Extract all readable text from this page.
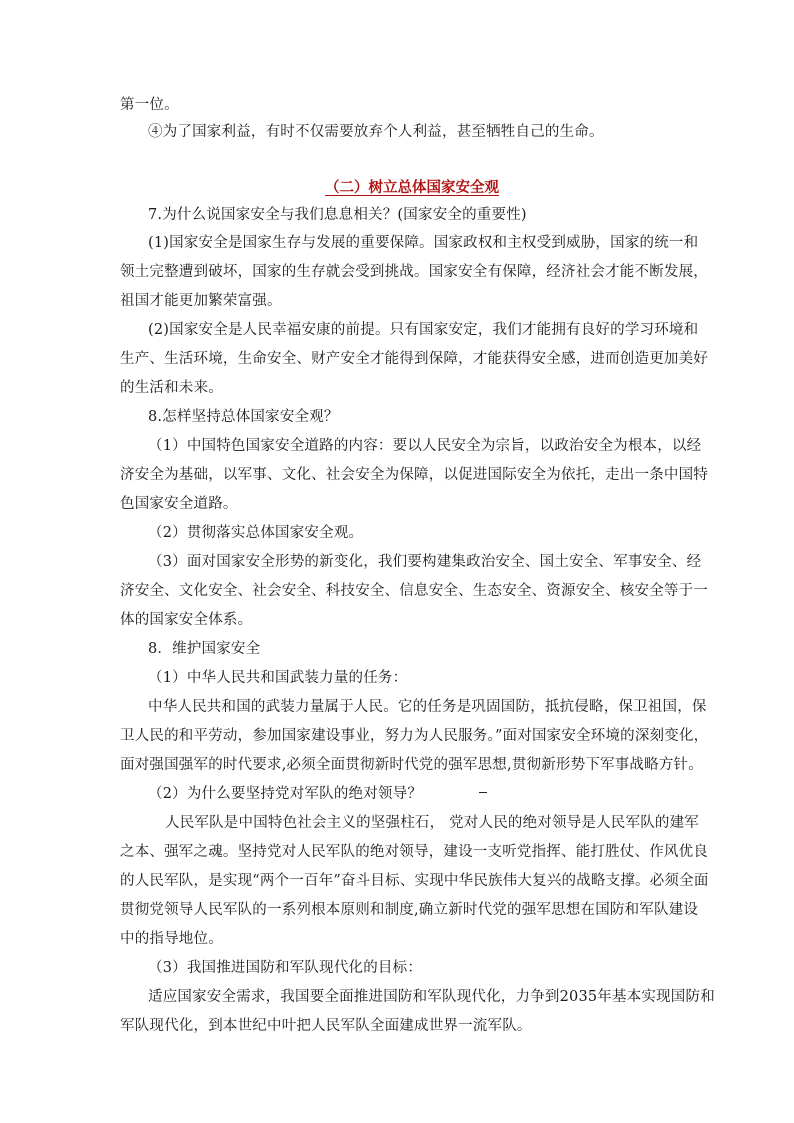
第一位。
④为了国家利益，有时不仅需要放弃个人利益，甚至牺牲自己的生命。
（二）树立总体国家安全观
7.为什么说国家安全与我们息息相关？(国家安全的重要性)
(1)国家安全是国家生存与发展的重要保障。国家政权和主权受到威胁，国家的统一和
领土完整遭到破坏，国家的生存就会受到挑战。国家安全有保障，经济社会才能不断发展，
祖国才能更加繁荣富强。
(2)国家安全是人民幸福安康的前提。只有国家安定，我们才能拥有良好的学习环境和
生产、生活环境，生命安全、财产安全才能得到保障，才能获得安全感，进而创造更加美好
的生活和未来。
8.怎样坚持总体国家安全观？
（1）中国特色国家安全道路的内容：要以人民安全为宗旨，以政治安全为根本，以经
济安全为基础，以军事、文化、社会安全为保障，以促进国际安全为依托，走出一条中国特
色国家安全道路。
（2）贯彻落实总体国家安全观。
（3）面对国家安全形势的新变化，我们要构建集政治安全、国土安全、军事安全、经
济安全、文化安全、社会安全、科技安全、信息安全、生态安全、资源安全、核安全等于一
体的国家安全体系。
8．维护国家安全
（1）中华人民共和国武装力量的任务：
中华人民共和国的武装力量属于人民。它的任务是巩固国防，抵抗侵略，保卫祖国，保
卫人民的和平劳动，参加国家建设事业，努力为人民服务。”面对国家安全环境的深刻变化，
面对强国强军的时代要求,必须全面贯彻新时代党的强军思想,贯彻新形势下军事战略方针。
（2）为什么要坚持党对军队的绝对领导？
人民军队是中国特色社会主义的坚强柱石， 党对人民的绝对领导是人民军队的建军
之本、强军之魂。坚持党对人民军队的绝对领导，建设一支听党指挥、能打胜仗、作风优良
的人民军队，是实现“两个一百年”奋斗目标、实现中华民族伟大复兴的战略支撑。必须全面
贯彻党领导人民军队的一系列根本原则和制度,确立新时代党的强军思想在国防和军队建设
中的指导地位。
（3）我国推进国防和军队现代化的目标：
适应国家安全需求，我国要全面推进国防和军队现代化，力争到2035年基本实现国防和
军队现代化，到本世纪中叶把人民军队全面建成世界一流军队。
